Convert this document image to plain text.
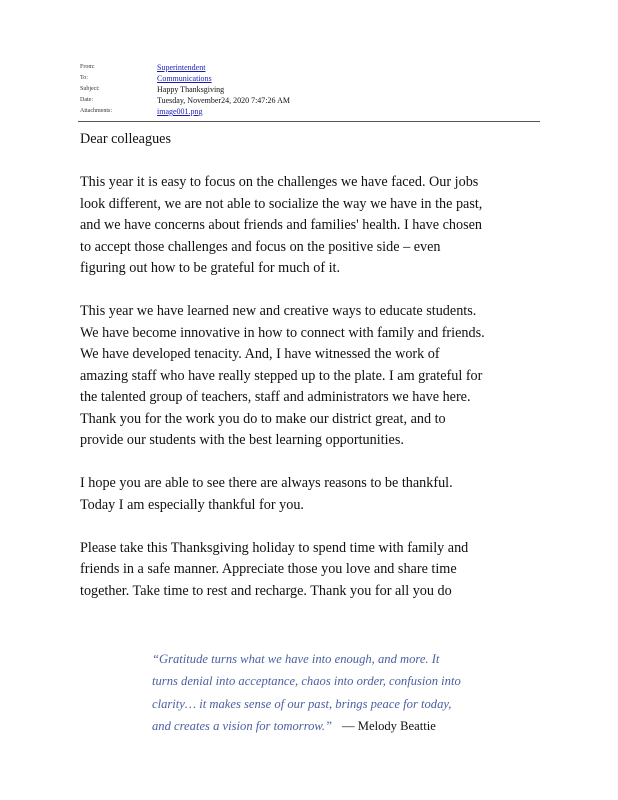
From:	Superintendent
To:	Communications
Subject:	Happy Thanksgiving
Date:	Tuesday, November24, 2020 7:47:26 AM
Attachments:	image001.png

Dear colleagues

This year it is easy to focus on the challenges we have faced. Our jobs
look different, we are not able to socialize the way we have in the past,
and we have concerns about friends and families' health. I have chosen
to accept those challenges and focus on the positive side – even
figuring out how to be grateful for much of it.

This year we have learned new and creative ways to educate students.
We have become innovative in how to connect with family and friends.
We have developed tenacity. And, I have witnessed the work of
amazing staff who have really stepped up to the plate. I am grateful for
the talented group of teachers, staff and administrators we have here.
Thank you for the work you do to make our district great, and to
provide our students with the best learning opportunities.

I hope you are able to see there are always reasons to be thankful.
Today I am especially thankful for you.

Please take this Thanksgiving holiday to spend time with family and
friends in a safe manner. Appreciate those you love and share time
together. Take time to rest and recharge. Thank you for all you do

“Gratitude turns what we have into enough, and more. It
turns denial into acceptance, chaos into order, confusion into
clarity… it makes sense of our past, brings peace for today,
and creates a vision for tomorrow.” — Melody Beattie
